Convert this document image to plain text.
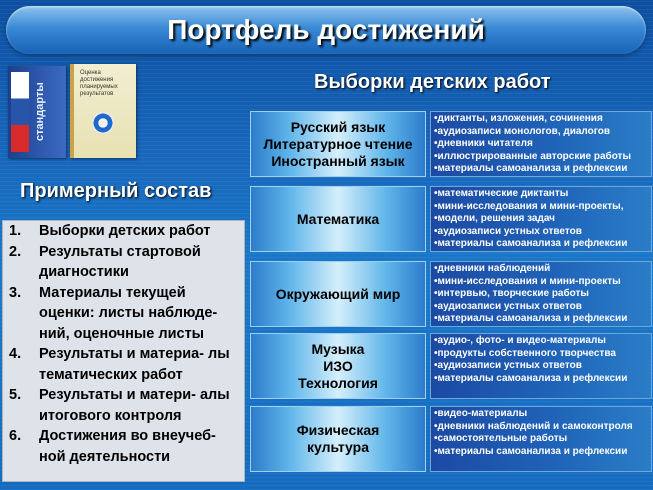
Портфель достижений
стандарты
Оценка достижения планируемых результатов
Выборки детских работ
Примерный состав
1. Выборки детских работ
2. Результаты стартовой диагностики
3. Материалы текущей оценки: листы наблюде- ний, оценочные листы
4. Результаты и материа- лы тематических работ
5. Результаты и матери- алы итогового контроля
6. Достижения во внеучеб- ной деятельности
Русский язык
Литературное чтение
Иностранный язык
•диктанты, изложения, сочинения
•аудиозаписи монологов, диалогов
•дневники читателя
•иллюстрированные авторские работы
•материалы самоанализа и рефлексии
Математика
•математические диктанты
•мини-исследования и мини-проекты,
•модели, решения задач
•аудиозаписи устных ответов
•материалы самоанализа и рефлексии
Окружающий мир
•дневники наблюдений
•мини-исследования и мини-проекты
•интервью, творческие работы
•аудиозаписи устных ответов
•материалы самоанализа и рефлексии
Музыка
ИЗО
Технология
•аудио-, фото- и видео-материалы
•продукты собственного творчества
•аудиозаписи устных ответов
•материалы самоанализа и рефлексии
Физическая
культура
•видео-материалы
•дневники наблюдений и самоконтроля
•самостоятельные работы
•материалы самоанализа и рефлексии
